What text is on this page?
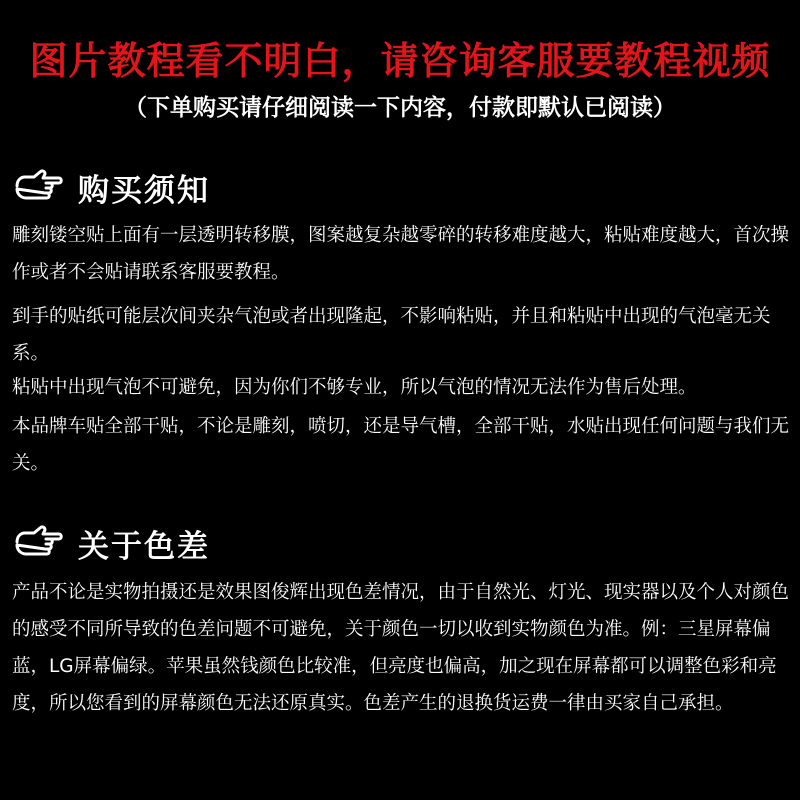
图片教程看不明白，请咨询客服要教程视频
（下单购买请仔细阅读一下内容，付款即默认已阅读）
购买须知

雕刻镂空贴上面有一层透明转移膜，图案越复杂越零碎的转移难度越大，粘贴难度越大，首次操作或者不会贴请联系客服要教程。

到手的贴纸可能层次间夹杂气泡或者出现隆起，不影响粘贴，并且和粘贴中出现的气泡毫无关系。

粘贴中出现气泡不可避免，因为你们不够专业，所以气泡的情况无法作为售后处理。

本品牌车贴全部干贴，不论是雕刻，喷切，还是导气槽，全部干贴，水贴出现任何问题与我们无关。

关于色差

产品不论是实物拍摄还是效果图俊辉出现色差情况，由于自然光、灯光、现实器以及个人对颜色的感受不同所导致的色差问题不可避免，关于颜色一切以收到实物颜色为准。例：三星屏幕偏蓝，LG屏幕偏绿。苹果虽然钱颜色比较准，但亮度也偏高，加之现在屏幕都可以调整色彩和亮度，所以您看到的屏幕颜色无法还原真实。色差产生的退换货运费一律由买家自己承担。
